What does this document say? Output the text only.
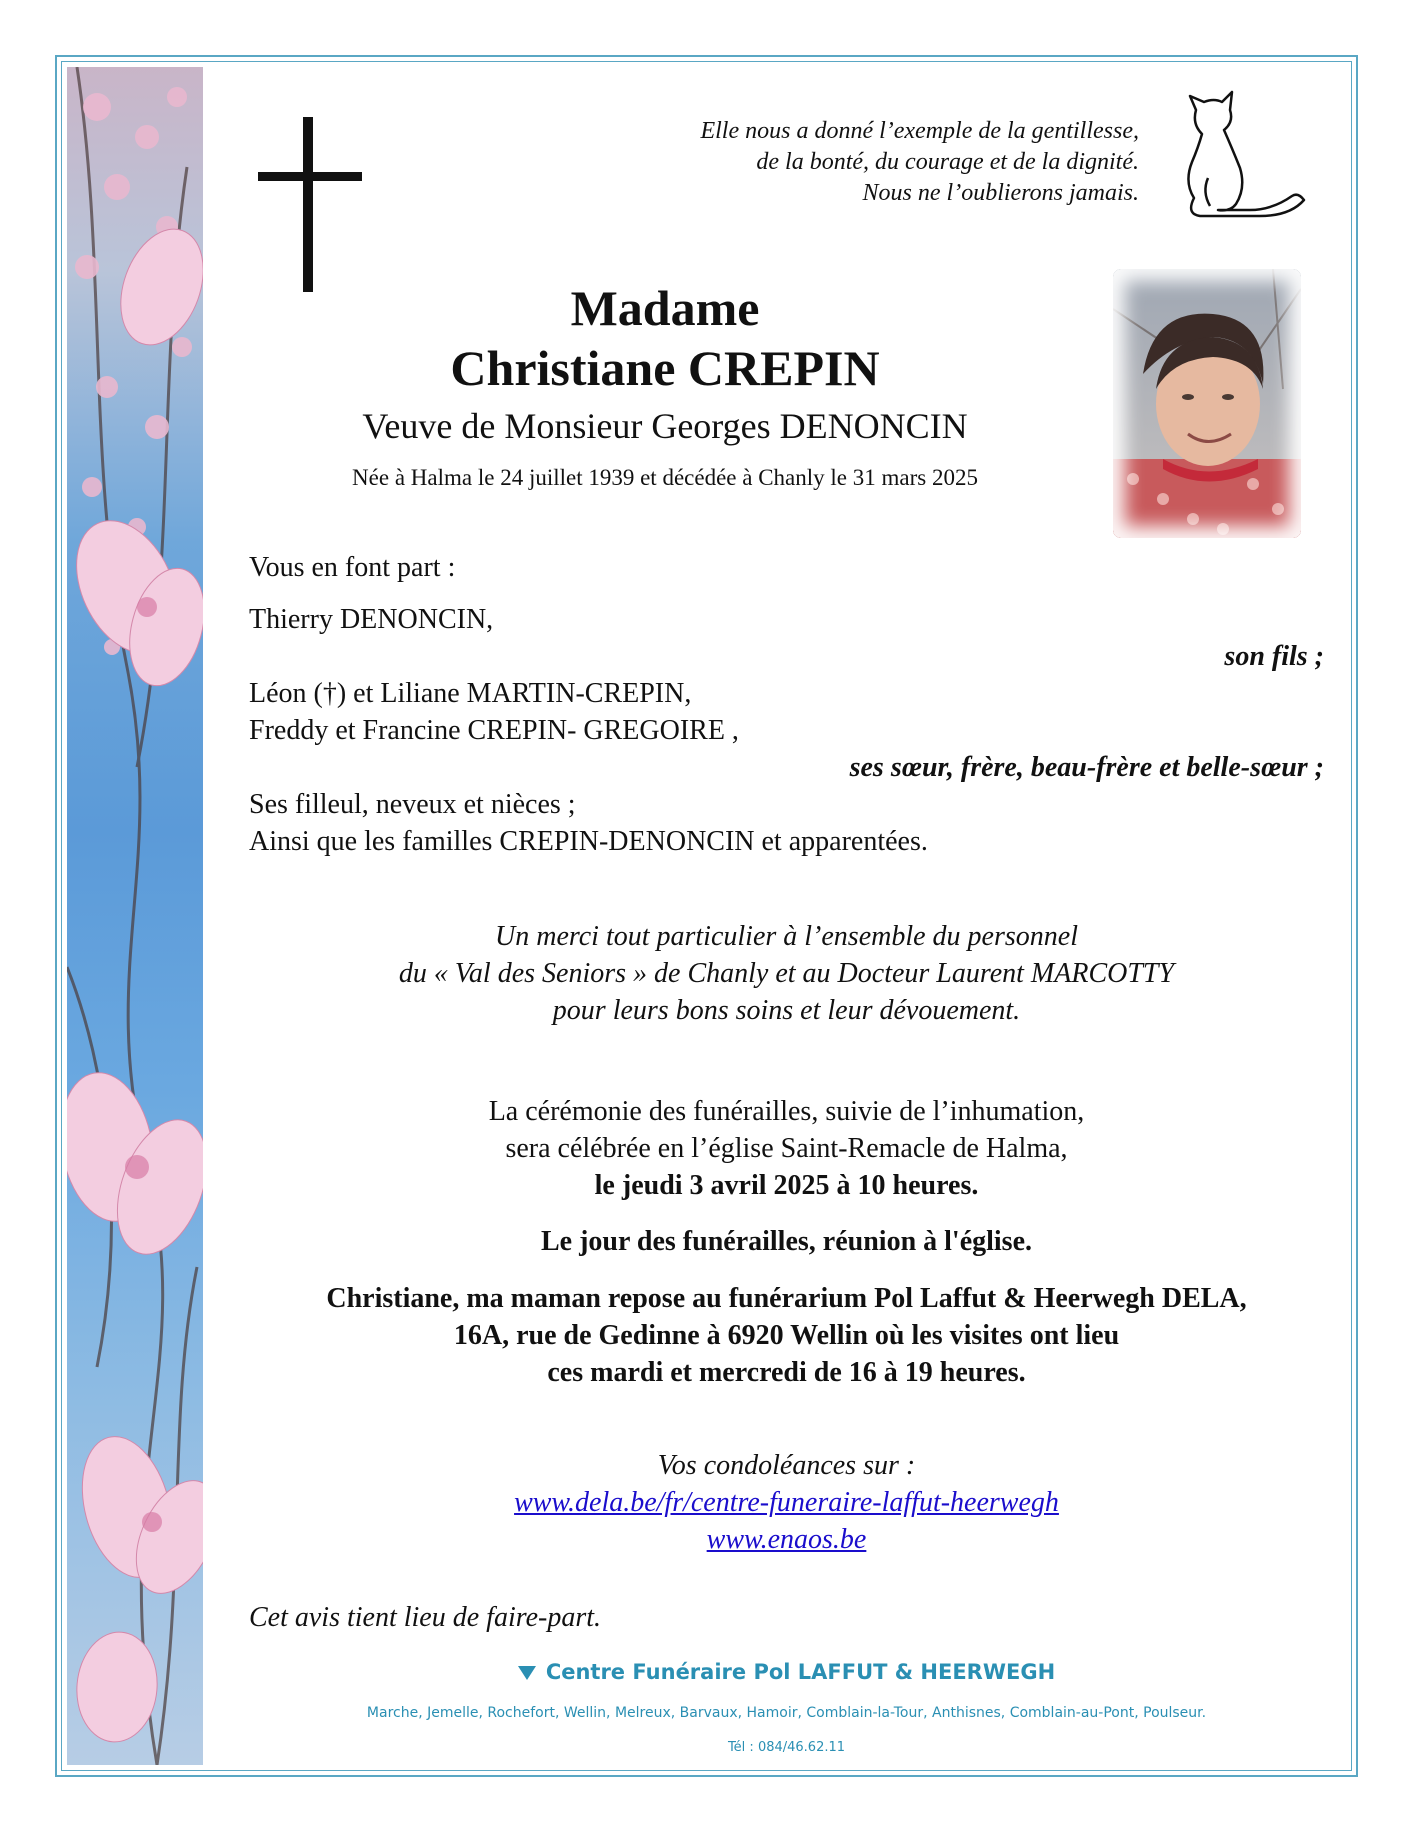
Elle nous a donné l’exemple de la gentillesse,
de la bonté, du courage et de la dignité.
Nous ne l’oublierons jamais.
Madame
Christiane CREPIN
Veuve de Monsieur Georges DENONCIN
Née à Halma le 24 juillet 1939 et décédée à Chanly le 31 mars 2025
Vous en font part :
Thierry DENONCIN,
son fils ;
Léon (†) et Liliane MARTIN-CREPIN,
Freddy et Francine CREPIN- GREGOIRE ,
ses sœur, frère, beau-frère et belle-sœur ;
Ses filleul, neveux et nièces ;
Ainsi que les familles CREPIN-DENONCIN et apparentées.
Un merci tout particulier à l’ensemble du personnel
du « Val des Seniors » de Chanly et au Docteur Laurent MARCOTTY
pour leurs bons soins et leur dévouement.
La cérémonie des funérailles, suivie de l’inhumation,
sera célébrée en l’église Saint-Remacle de Halma,
le jeudi 3 avril 2025 à 10 heures.
Le jour des funérailles, réunion à l'église.
Christiane, ma maman repose au funérarium Pol Laffut & Heerwegh DELA,
16A, rue de Gedinne à 6920 Wellin où les visites ont lieu
ces mardi et mercredi de 16 à 19 heures.
Vos condoléances sur :
www.dela.be/fr/centre-funeraire-laffut-heerwegh
www.enaos.be
Cet avis tient lieu de faire-part.
Centre Funéraire Pol LAFFUT & HEERWEGH
Marche, Jemelle, Rochefort, Wellin, Melreux, Barvaux, Hamoir, Comblain-la-Tour, Anthisnes, Comblain-au-Pont, Poulseur.
Tél : 084/46.62.11
